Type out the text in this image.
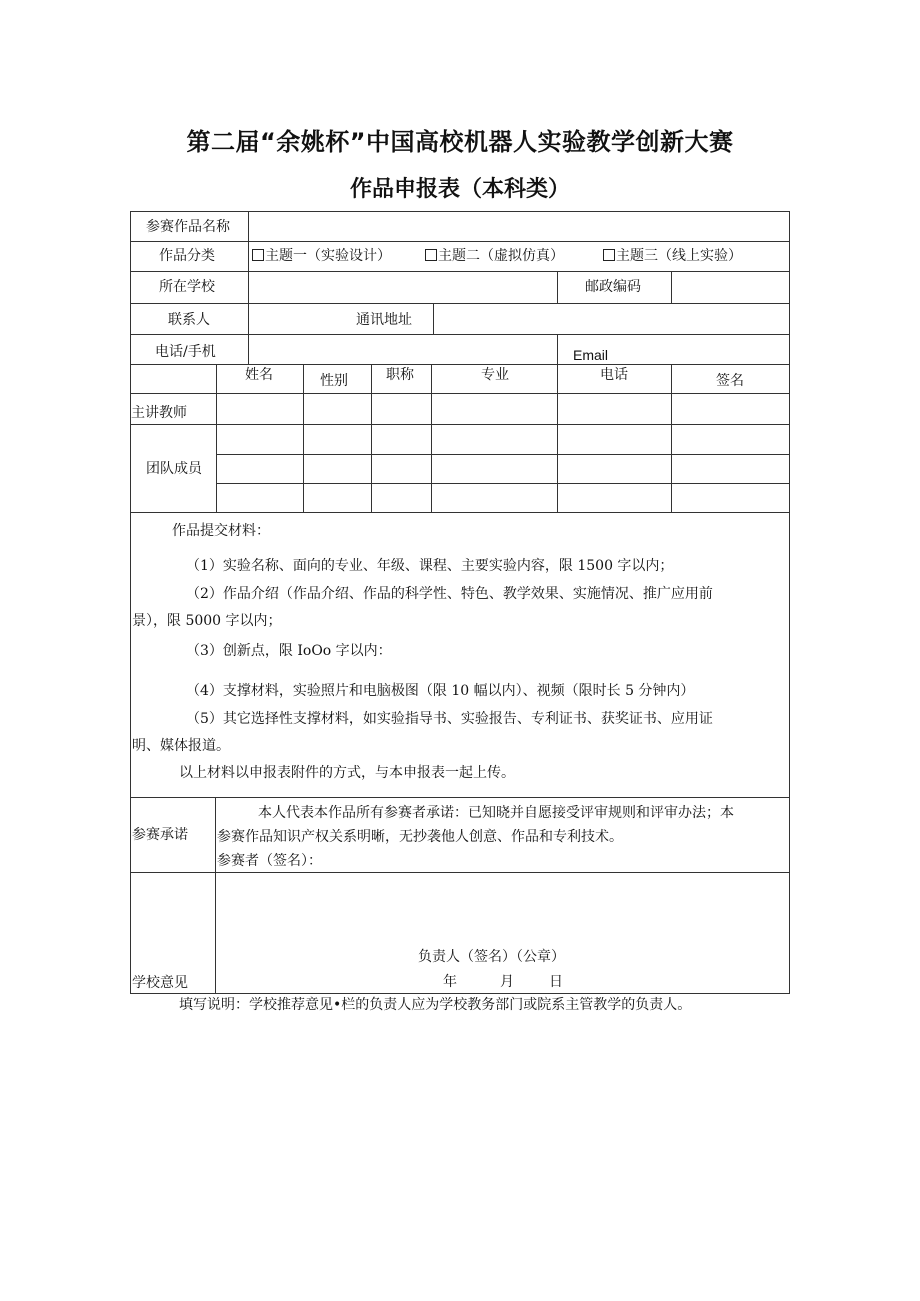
第二届“余姚杯”中国高校机器人实验教学创新大赛
作品申报表（本科类）
参赛作品名称
作品分类	主题一（实验设计）	主题二（虚拟仿真）	主题三（线上实验）
所在学校	邮政编码
联系人	通讯地址
电话/手机	Email
姓名	性别	职称	专业	电话	签名
主讲教师
团队成员
作品提交材料：
（1）实验名称、面向的专业、年级、课程、主要实验内容，限 1500 字以内；
（2）作品介绍（作品介绍、作品的科学性、特色、教学效果、实施情况、推广应用前
景），限 5000 字以内；
（3）创新点，限 IoOo 字以内：
（4）支撑材料，实验照片和电脑极图（限 10 幅以内）、视频（限时长 5 分钟内）
（5）其它选择性支撑材料，如实验指导书、实验报告、专利证书、获奖证书、应用证
明、媒体报道。
以上材料以申报表附件的方式，与本申报表一起上传。
参赛承诺
本人代表本作品所有参赛者承诺：已知晓并自愿接受评审规则和评审办法；本
参赛作品知识产权关系明晰，无抄袭他人创意、作品和专利技术。
参赛者（签名）：
学校意见
负责人（签名）（公章）
年	月	日
填写说明：学校推荐意见•栏的负责人应为学校教务部门或院系主管教学的负责人。
